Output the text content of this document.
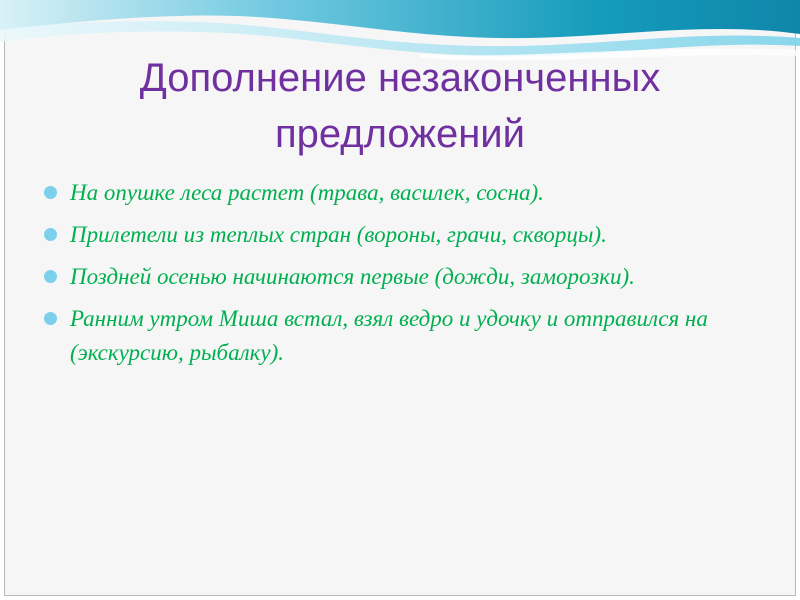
Дополнение незаконченных предложений
На опушке леса растет (трава, василек, сосна).
Прилетели из теплых стран (вороны, грачи, скворцы).
Поздней осенью начинаются первые (дожди, заморозки).
Ранним утром Миша встал, взял ведро и удочку и отправился на (экскурсию, рыбалку).
